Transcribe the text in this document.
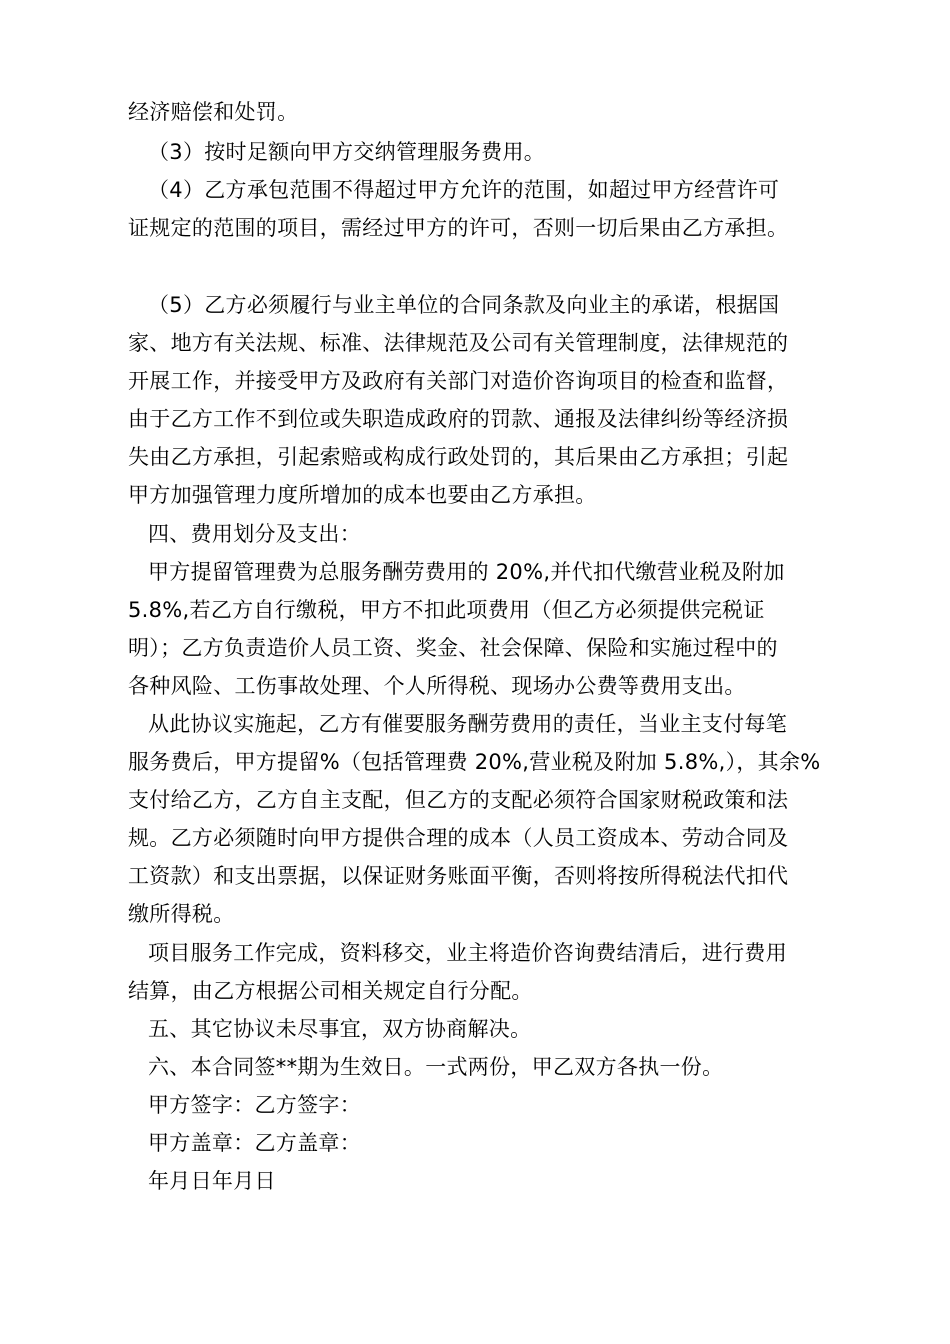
经济赔偿和处罚。
（3）按时足额向甲方交纳管理服务费用。
（4）乙方承包范围不得超过甲方允许的范围，如超过甲方经营许可
证规定的范围的项目，需经过甲方的许可，否则一切后果由乙方承担。
（5）乙方必须履行与业主单位的合同条款及向业主的承诺，根据国
家、地方有关法规、标准、法律规范及公司有关管理制度，法律规范的
开展工作，并接受甲方及政府有关部门对造价咨询项目的检查和监督，
由于乙方工作不到位或失职造成政府的罚款、通报及法律纠纷等经济损
失由乙方承担，引起索赔或构成行政处罚的，其后果由乙方承担；引起
甲方加强管理力度所增加的成本也要由乙方承担。
四、费用划分及支出：
甲方提留管理费为总服务酬劳费用的 20%,并代扣代缴营业税及附加
5.8%,若乙方自行缴税，甲方不扣此项费用（但乙方必须提供完税证
明）；乙方负责造价人员工资、奖金、社会保障、保险和实施过程中的
各种风险、工伤事故处理、个人所得税、现场办公费等费用支出。
从此协议实施起，乙方有催要服务酬劳费用的责任，当业主支付每笔
服务费后，甲方提留%（包括管理费 20%,营业税及附加 5.8%,），其余%
支付给乙方，乙方自主支配，但乙方的支配必须符合国家财税政策和法
规。乙方必须随时向甲方提供合理的成本（人员工资成本、劳动合同及
工资款）和支出票据，以保证财务账面平衡，否则将按所得税法代扣代
缴所得税。
项目服务工作完成，资料移交，业主将造价咨询费结清后，进行费用
结算，由乙方根据公司相关规定自行分配。
五、其它协议未尽事宜，双方协商解决。
六、本合同签**期为生效日。一式两份，甲乙双方各执一份。
甲方签字：乙方签字：
甲方盖章：乙方盖章：
年月日年月日
